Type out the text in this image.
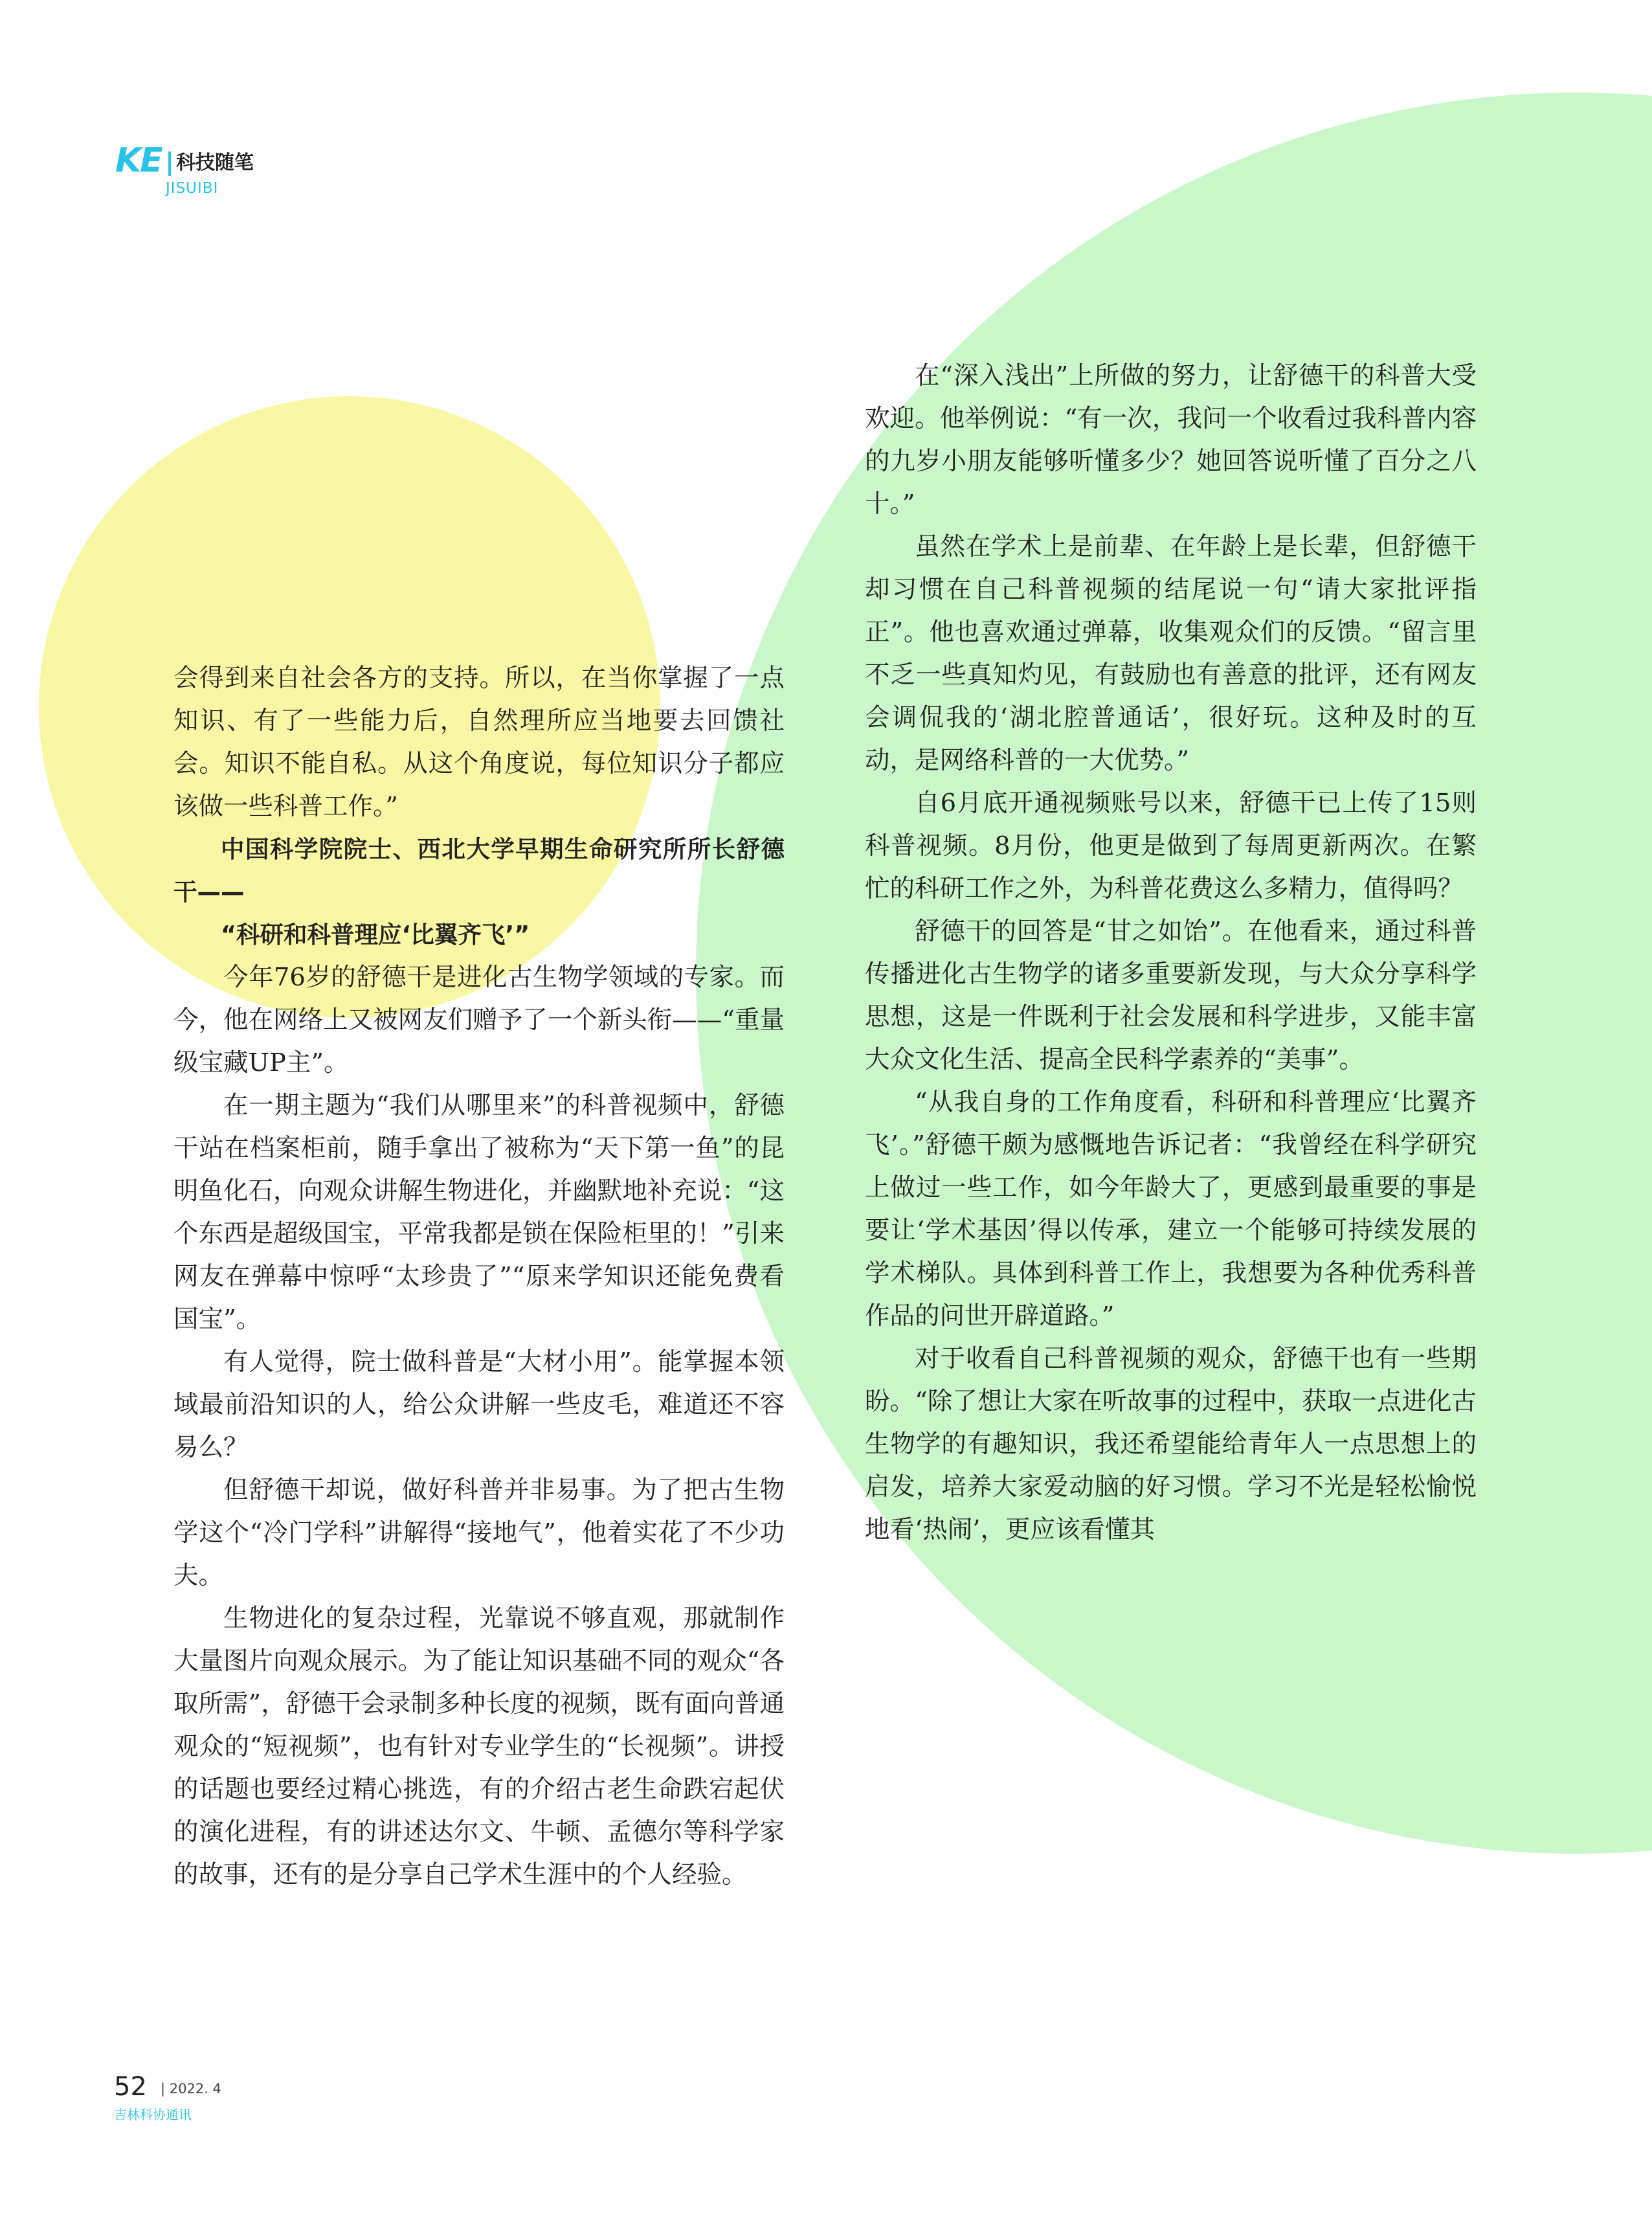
KE 科技随笔
JISUIBI

会得到来自社会各方的支持。所以，在当你掌握了一点知识、有了一些能力后，自然理所应当地要去回馈社会。知识不能自私。从这个角度说，每位知识分子都应该做一些科普工作。”

中国科学院院士、西北大学早期生命研究所所长舒德干——

“科研和科普理应‘比翼齐飞’”

今年76岁的舒德干是进化古生物学领域的专家。而今，他在网络上又被网友们赠予了一个新头衔——“重量级宝藏UP主”。

在一期主题为“我们从哪里来”的科普视频中，舒德干站在档案柜前，随手拿出了被称为“天下第一鱼”的昆明鱼化石，向观众讲解生物进化，并幽默地补充说：“这个东西是超级国宝，平常我都是锁在保险柜里的！”引来网友在弹幕中惊呼“太珍贵了”“原来学知识还能免费看国宝”。

有人觉得，院士做科普是“大材小用”。能掌握本领域最前沿知识的人，给公众讲解一些皮毛，难道还不容易么？

但舒德干却说，做好科普并非易事。为了把古生物学这个“冷门学科”讲解得“接地气”，他着实花了不少功夫。

生物进化的复杂过程，光靠说不够直观，那就制作大量图片向观众展示。为了能让知识基础不同的观众“各取所需”，舒德干会录制多种长度的视频，既有面向普通观众的“短视频”，也有针对专业学生的“长视频”。讲授的话题也要经过精心挑选，有的介绍古老生命跌宕起伏的演化进程，有的讲述达尔文、牛顿、孟德尔等科学家的故事，还有的是分享自己学术生涯中的个人经验。

在“深入浅出”上所做的努力，让舒德干的科普大受欢迎。他举例说：“有一次，我问一个收看过我科普内容的九岁小朋友能够听懂多少？她回答说听懂了百分之八十。”

虽然在学术上是前辈、在年龄上是长辈，但舒德干却习惯在自己科普视频的结尾说一句“请大家批评指正”。他也喜欢通过弹幕，收集观众们的反馈。“留言里不乏一些真知灼见，有鼓励也有善意的批评，还有网友会调侃我的‘湖北腔普通话’，很好玩。这种及时的互动，是网络科普的一大优势。”

自6月底开通视频账号以来，舒德干已上传了15则科普视频。8月份，他更是做到了每周更新两次。在繁忙的科研工作之外，为科普花费这么多精力，值得吗？

舒德干的回答是“甘之如饴”。在他看来，通过科普传播进化古生物学的诸多重要新发现，与大众分享科学思想，这是一件既利于社会发展和科学进步，又能丰富大众文化生活、提高全民科学素养的“美事”。

“从我自身的工作角度看，科研和科普理应‘比翼齐飞’。”舒德干颇为感慨地告诉记者：“我曾经在科学研究上做过一些工作，如今年龄大了，更感到最重要的事是要让‘学术基因’得以传承，建立一个能够可持续发展的学术梯队。具体到科普工作上，我想要为各种优秀科普作品的问世开辟道路。”

对于收看自己科普视频的观众，舒德干也有一些期盼。“除了想让大家在听故事的过程中，获取一点进化古生物学的有趣知识，我还希望能给青年人一点思想上的启发，培养大家爱动脑的好习惯。学习不光是轻松愉悦地看‘热闹’，更应该看懂其

52 | 2022. 4
吉林科协通讯
